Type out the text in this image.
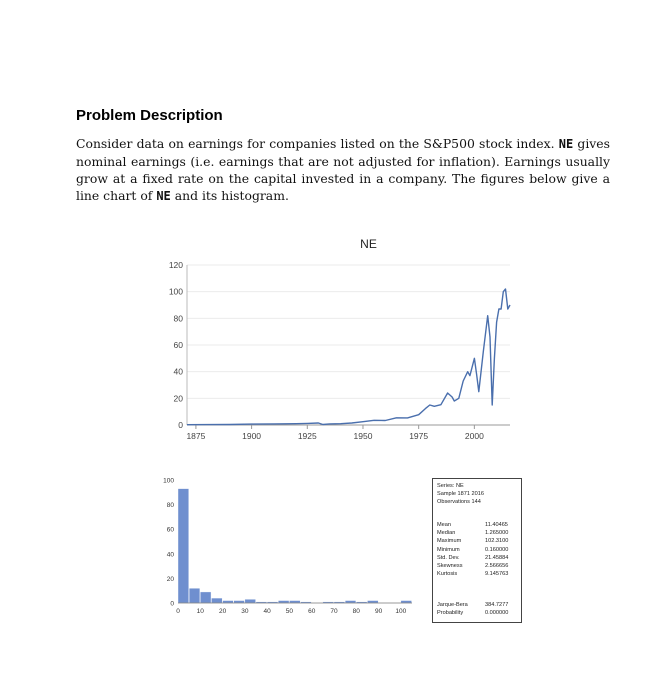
Problem Description
Consider data on earnings for companies listed on the S&P500 stock index. NE gives nominal earnings (i.e. earnings that are not adjusted for inflation). Earnings usually grow at a fixed rate on the capital invested in a company. The figures below give a line chart of NE and its histogram.
NE
0
20
40
60
80
100
120
1875	1900	1925	1950	1975	2000
0
20
40
60
80
100
0	10 20 30 40 50 60 70 80 90 100
Series: NE
Sample 1871 2016
Observations 144
Mean	11.40465
Median	1.265000
Maximum	102.3100
Minimum	0.160000
Std. Dev.	21.45884
Skewness	2.566656
Kurtosis	9.145763
Jarque-Bera	384.7277
Probability	0.000000
